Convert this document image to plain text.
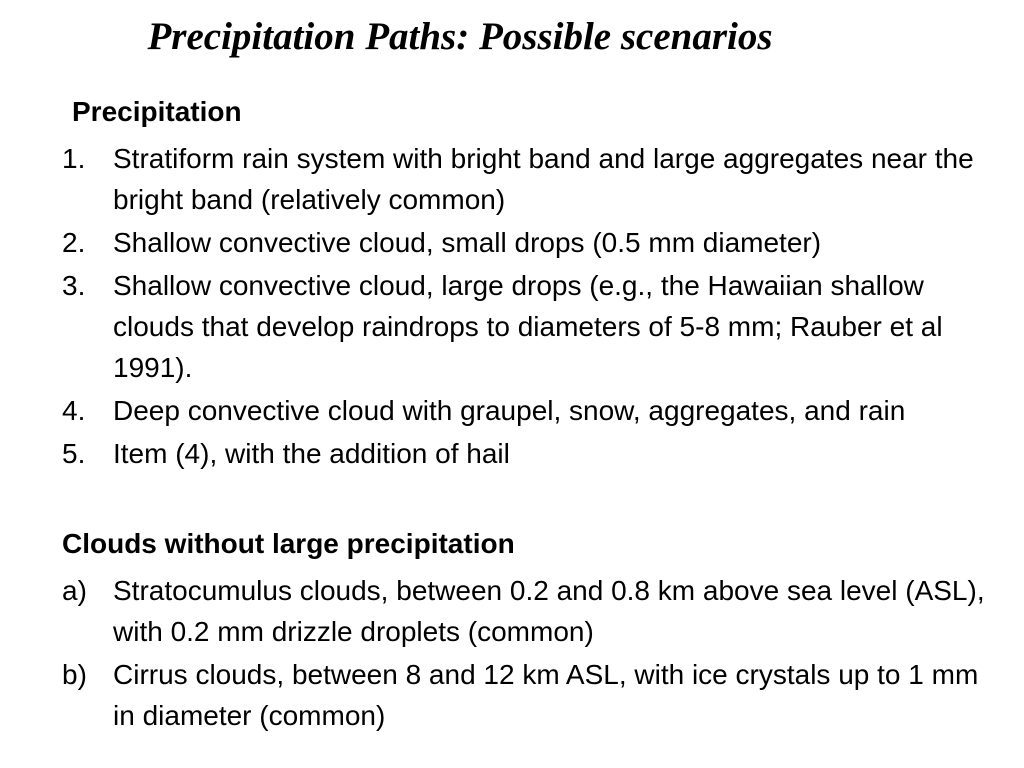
Precipitation Paths: Possible scenarios
Precipitation
1. Stratiform rain system with bright band and large aggregates near the bright band (relatively common)
2. Shallow convective cloud, small drops (0.5 mm diameter)
3. Shallow convective cloud, large drops (e.g., the Hawaiian shallow clouds that develop raindrops to diameters of 5-8 mm; Rauber et al 1991).
4. Deep convective cloud with graupel, snow, aggregates, and rain
5. Item (4), with the addition of hail
Clouds without large precipitation
a) Stratocumulus clouds, between 0.2 and 0.8 km above sea level (ASL), with 0.2 mm drizzle droplets (common)
b) Cirrus clouds, between 8 and 12 km ASL, with ice crystals up to 1 mm in diameter (common)
